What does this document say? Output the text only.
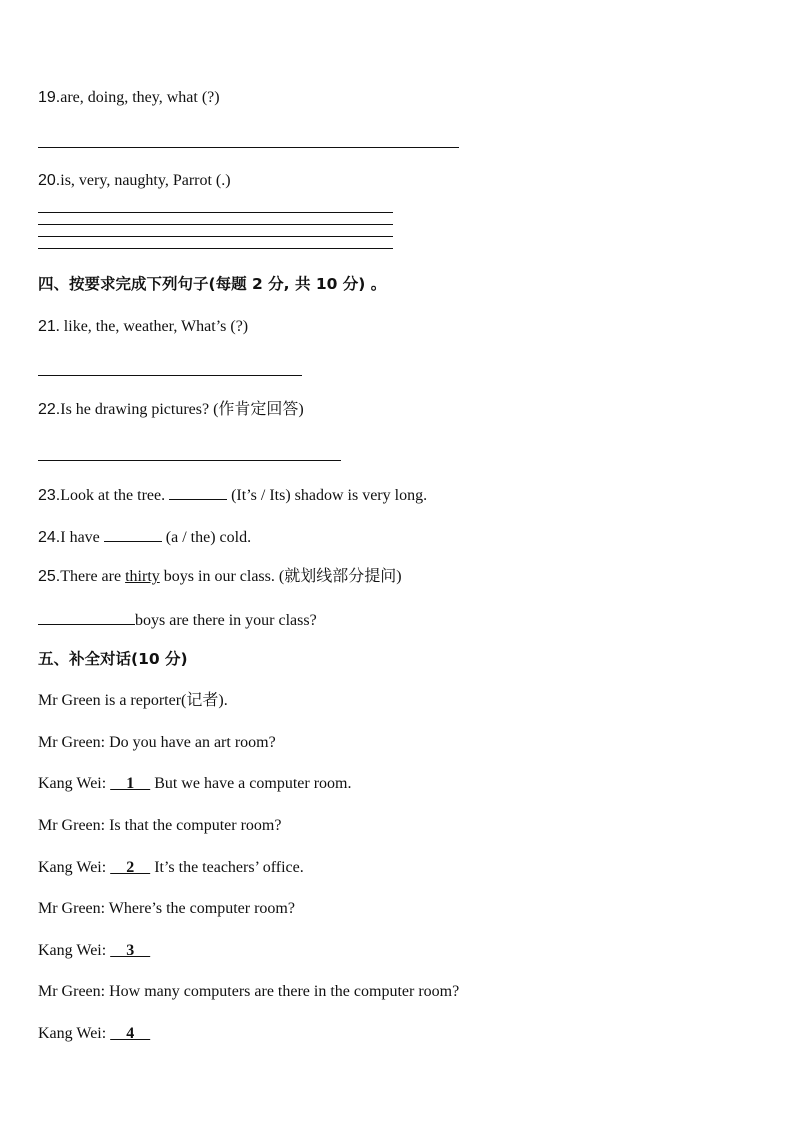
19.are, doing, they, what (?)
20.is, very, naughty, Parrot (.)
四、按要求完成下列句子(每题 2 分, 共 10 分) 。
21. like, the, weather, What’s (?)
22.Is he drawing pictures? (作肯定回答)
23.Look at the tree.	(It’s / Its) shadow is very long.
24.I have	(a / the) cold.
25.There are thirty boys in our class. (就划线部分提问)
boys are there in your class?
五、补全对话(10 分)
Mr Green is a reporter(记者).
Mr Green: Do you have an art room?
Kang Wei:     1     But we have a computer room.
Mr Green: Is that the computer room?
Kang Wei:     2     It’s the teachers’ office.
Mr Green: Where’s the computer room?
Kang Wei:     3
Mr Green: How many computers are there in the computer room?
Kang Wei:     4
